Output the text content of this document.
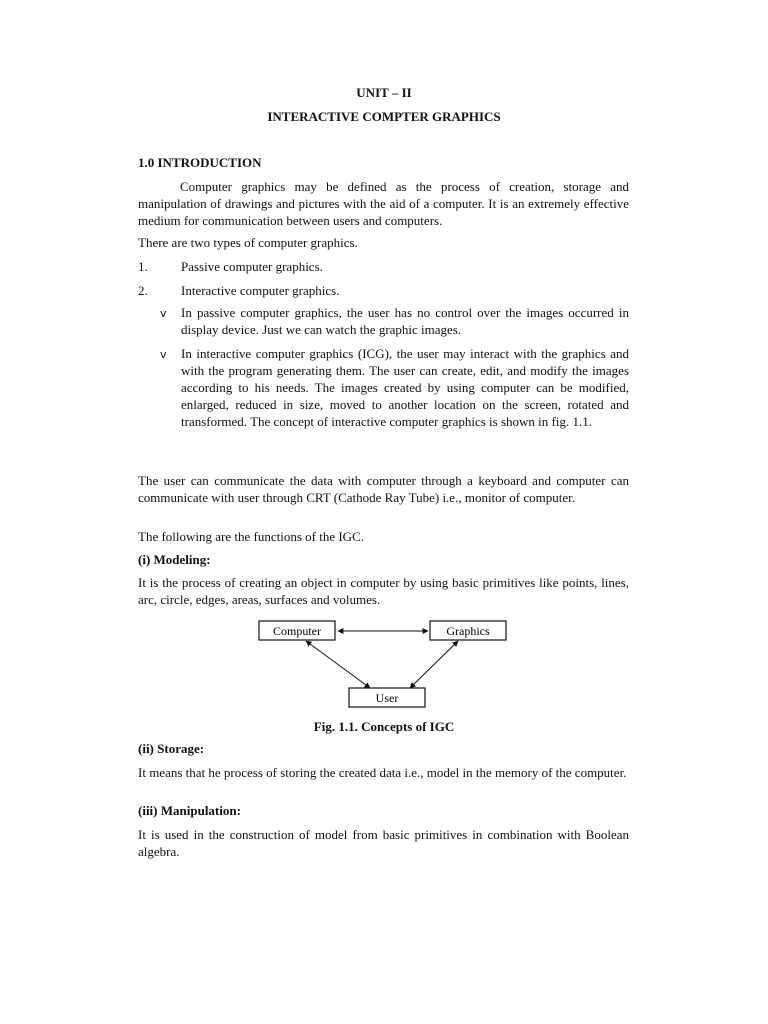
UNIT – II
INTERACTIVE COMPTER GRAPHICS
1.0 INTRODUCTION
Computer graphics may be defined as the process of creation, storage and manipulation of drawings and pictures with the aid of a computer. It is an extremely effective medium for communication between users and computers.
There are two types of computer graphics.
1.	Passive computer graphics.
2.	Interactive computer graphics.
v In passive computer graphics, the user has no control over the images occurred in display device. Just we can watch the graphic images.
v In interactive computer graphics (ICG), the user may interact with the graphics and with the program generating them. The user can create, edit, and modify the images according to his needs. The images created by using computer can be modified, enlarged, reduced in size, moved to another location on the screen, rotated and transformed. The concept of interactive computer graphics is shown in fig. 1.1.
The user can communicate the data with computer through a keyboard and computer can communicate with user through CRT (Cathode Ray Tube) i.e., monitor of computer.
The following are the functions of the IGC.
(i) Modeling:
It is the process of creating an object in computer by using basic primitives like points, lines, arc, circle, edges, areas, surfaces and volumes.
Computer	Graphics
User
Fig. 1.1. Concepts of IGC
(ii) Storage:
It means that he process of storing the created data i.e., model in the memory of the computer.
(iii) Manipulation:
It is used in the construction of model from basic primitives in combination with Boolean algebra.
